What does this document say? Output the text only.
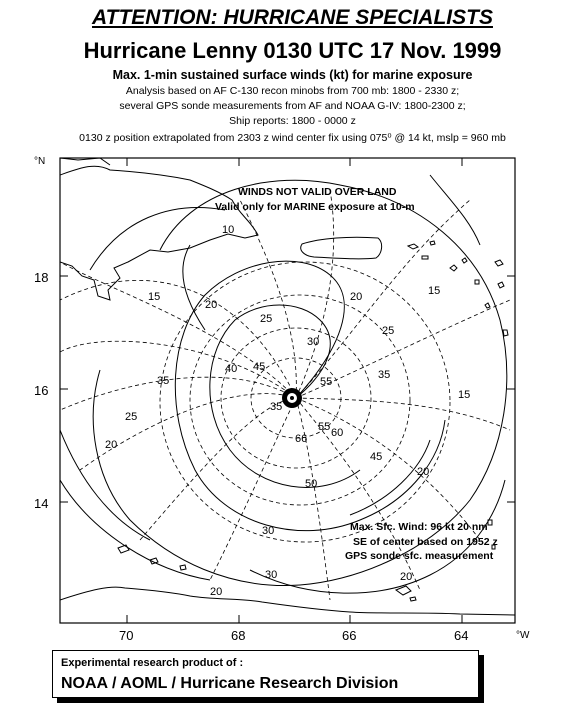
ATTENTION: HURRICANE SPECIALISTS
Hurricane Lenny 0130 UTC 17 Nov. 1999
Max. 1-min sustained surface winds (kt) for marine exposure
Analysis based on AF C-130 recon minobs from 700 mb: 1800 - 2330 z;
several GPS sonde measurements from AF and NOAA G-IV: 1800-2300 z;
Ship reports: 1800 - 0000 z
0130 z position extrapolated from 2303 z wind center fix using 075⁰ @ 14 kt, mslp = 960 mb
°N
18
16
14
70	68	66	64	°W
WINDS NOT VALID OVER LAND
Valid only for MARINE exposure at 10-m
Max. Sfc. Wind: 96 kt 20 nm
SE of center based on 1952 z
GPS sonde sfc. measurement
10
15	15
20
20
25
25
25
35	35
40 45
55
55 60
66
30
50
30
20
20
15
20
20
45
30
35
Experimental research product of :
NOAA / AOML / Hurricane Research Division
